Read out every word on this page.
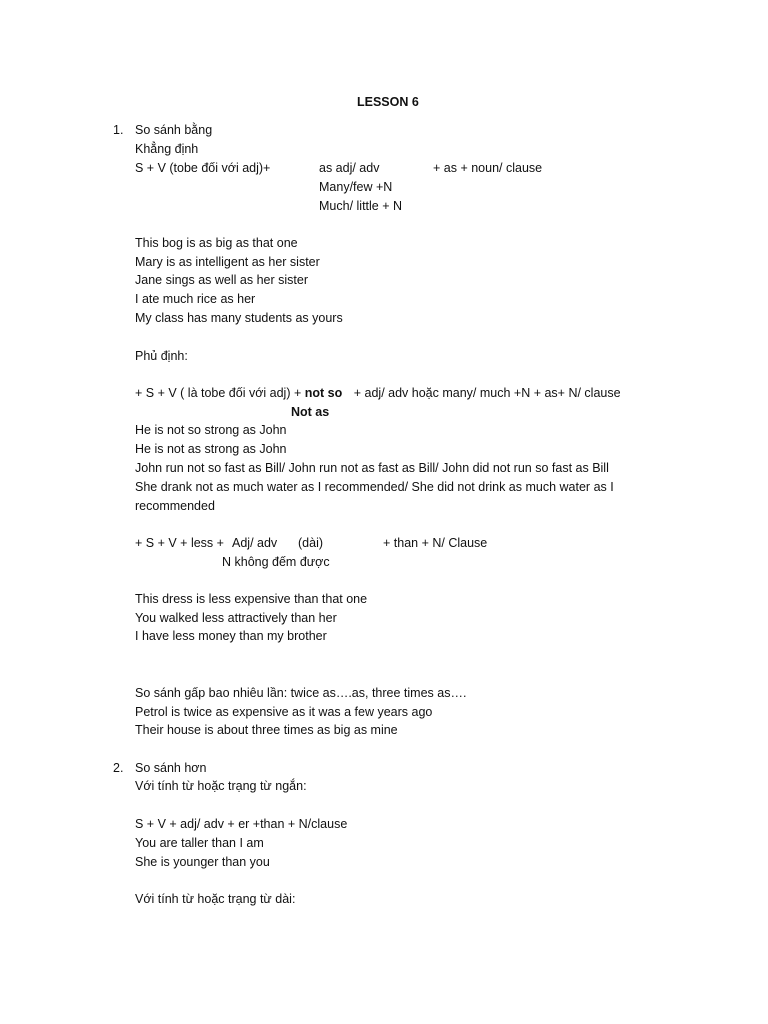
LESSON 6
1. So sánh bằng
Khẳng định
S + V (tobe đối với adj)+	as adj/ adv	+ as + noun/ clause
Many/few +N
Much/ little + N
This bog is as big as that one
Mary is as intelligent as her sister
Jane sings as well as her sister
I ate much rice as her
My class has many students as yours
Phủ định:
+ S + V ( là tobe đối với adj) + not so + adj/ adv hoặc many/ much +N + as+ N/ clause
Not as
He is not so strong as John
He is not as strong as John
John run not so fast as Bill/ John run not as fast as Bill/ John did not run so fast as Bill
She drank not as much water as I recommended/ She did not drink as much water as I
recommended
+ S + V + less + Adj/ adv (dài)	+ than + N/ Clause
N không đếm được
This dress is less expensive than that one
You walked less attractively than her
I have less money than my brother
So sánh gấp bao nhiêu lần: twice as….as, three times as….
Petrol is twice as expensive as it was a few years ago
Their house is about three times as big as mine
2. So sánh hơn
Với tính từ hoặc trạng từ ngắn:
S + V + adj/ adv + er +than + N/clause
You are taller than I am
She is younger than you
Với tính từ hoặc trạng từ dài:
